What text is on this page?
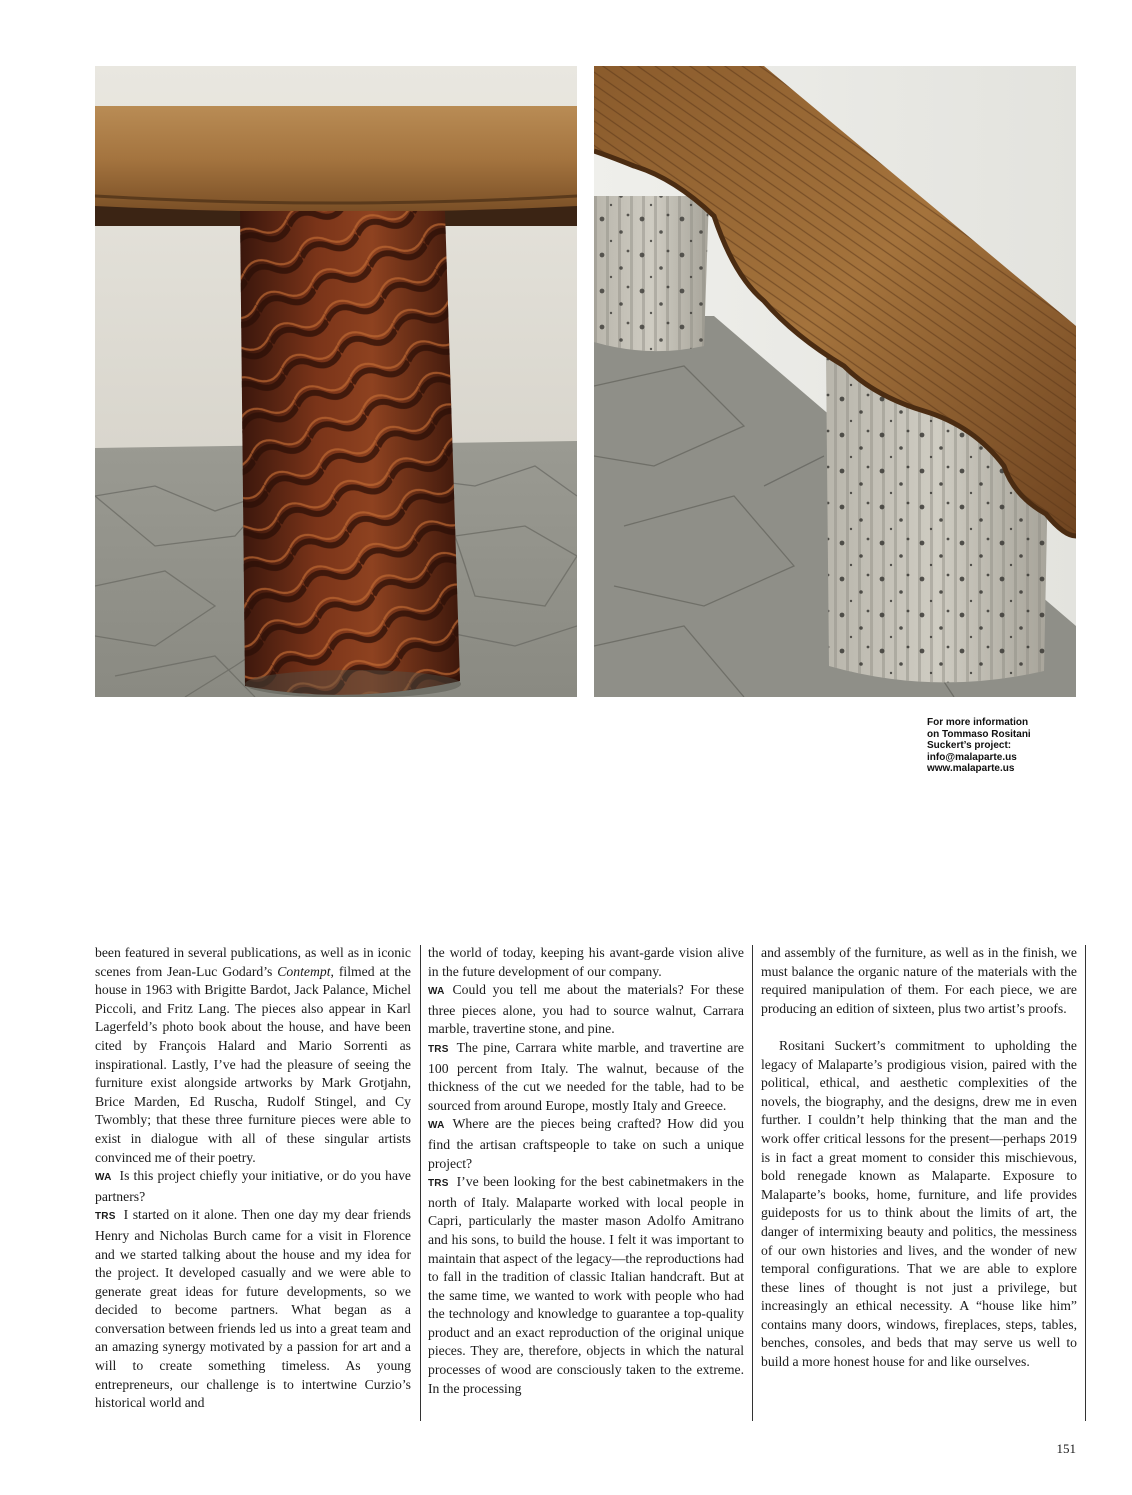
For more information
on Tommaso Rositani
Suckert’s project:
info@malaparte.us
www.malaparte.us

been featured in several publications, as well as in iconic scenes from Jean-Luc Godard’s Contempt, filmed at the house in 1963 with Brigitte Bardot, Jack Palance, Michel Piccoli, and Fritz Lang. The pieces also appear in Karl Lagerfeld’s photo book about the house, and have been cited by François Halard and Mario Sorrenti as inspirational. Lastly, I’ve had the pleasure of seeing the furniture exist alongside artworks by Mark Grotjahn, Brice Marden, Ed Ruscha, Rudolf Stingel, and Cy Twombly; that these three furniture pieces were able to exist in dialogue with all of these singular artists convinced me of their poetry.

WA Is this project chiefly your initiative, or do you have partners?

TRS I started on it alone. Then one day my dear friends Henry and Nicholas Burch came for a visit in Florence and we started talking about the house and my idea for the project. It developed casually and we were able to generate great ideas for future developments, so we decided to become partners. What began as a conversation between friends led us into a great team and an amazing synergy motivated by a passion for art and a will to create something timeless. As young entrepreneurs, our challenge is to intertwine Curzio’s historical world and

the world of today, keeping his avant-garde vision alive in the future development of our company.

WA Could you tell me about the materials? For these three pieces alone, you had to source walnut, Carrara marble, travertine stone, and pine.

TRS The pine, Carrara white marble, and travertine are 100 percent from Italy. The walnut, because of the thickness of the cut we needed for the table, had to be sourced from around Europe, mostly Italy and Greece.

WA Where are the pieces being crafted? How did you find the artisan craftspeople to take on such a unique project?

TRS I’ve been looking for the best cabinetmakers in the north of Italy. Malaparte worked with local people in Capri, particularly the master mason Adolfo Amitrano and his sons, to build the house. I felt it was important to maintain that aspect of the legacy—the reproductions had to fall in the tradition of classic Italian handcraft. But at the same time, we wanted to work with people who had the technology and knowledge to guarantee a top-quality product and an exact reproduction of the original unique pieces. They are, therefore, objects in which the natural processes of wood are consciously taken to the extreme. In the processing

and assembly of the furniture, as well as in the finish, we must balance the organic nature of the materials with the required manipulation of them. For each piece, we are producing an edition of sixteen, plus two artist’s proofs.

Rositani Suckert’s commitment to upholding the legacy of Malaparte’s prodigious vision, paired with the political, ethical, and aesthetic complexities of the novels, the biography, and the designs, drew me in even further. I couldn’t help thinking that the man and the work offer critical lessons for the present—perhaps 2019 is in fact a great moment to consider this mischievous, bold renegade known as Malaparte. Exposure to Malaparte’s books, home, furniture, and life provides guideposts for us to think about the limits of art, the danger of intermixing beauty and politics, the messiness of our own histories and lives, and the wonder of new temporal configurations. That we are able to explore these lines of thought is not just a privilege, but increasingly an ethical necessity. A “house like him” contains many doors, windows, fireplaces, steps, tables, benches, consoles, and beds that may serve us well to build a more honest house for and like ourselves.

151
